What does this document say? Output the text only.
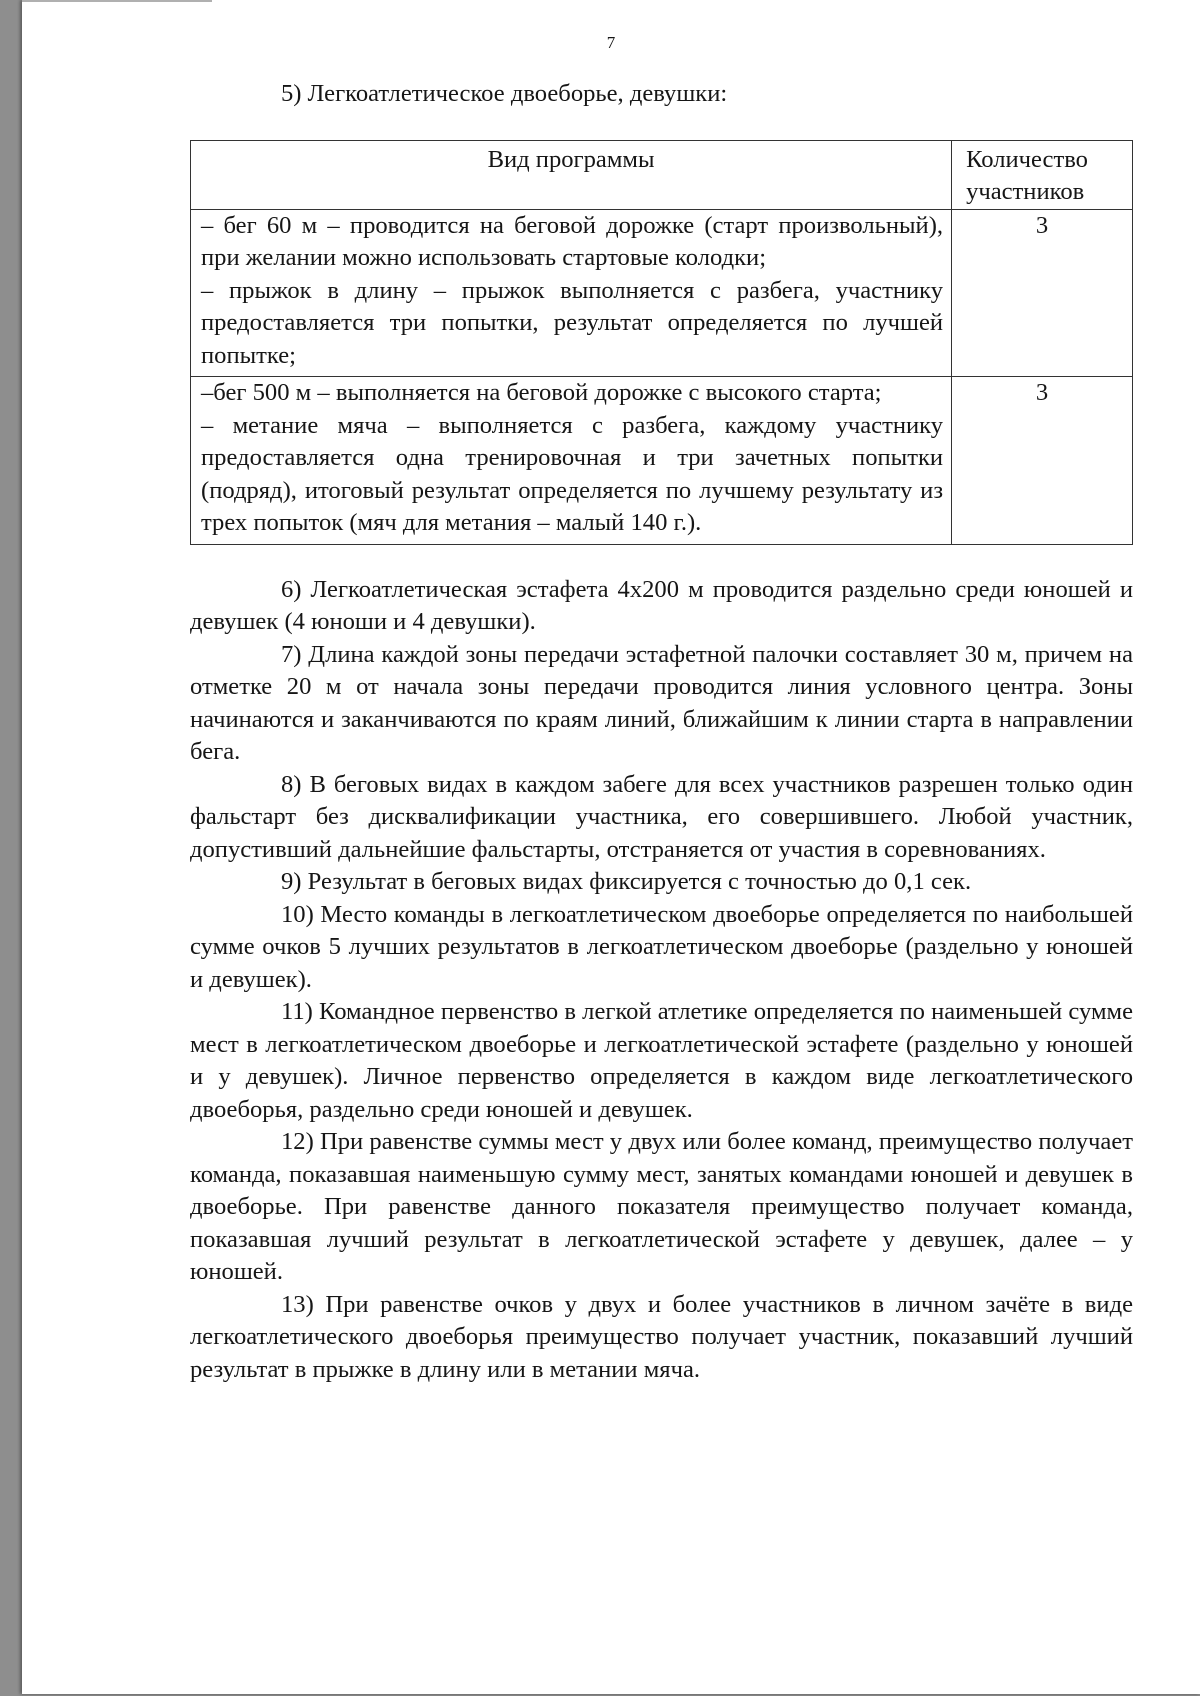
7

5) Легкоатлетическое двоеборье, девушки:

Вид программы	Количество участников

– бег 60 м – проводится на беговой дорожке (старт произвольный), при желании можно использовать стартовые колодки;

– прыжок в длину – прыжок выполняется с разбега, участнику предоставляется три попытки, результат определяется по лучшей попытке;	3

–бег 500 м – выполняется на беговой дорожке с высокого старта;

– метание мяча – выполняется с разбега, каждому участнику предоставляется одна тренировочная и три зачетных попытки (подряд), итоговый результат определяется по лучшему результату из трех попыток (мяч для метания – малый 140 г.).	3

6) Легкоатлетическая эстафета 4х200 м проводится раздельно среди юношей и девушек (4 юноши и 4 девушки).

7) Длина каждой зоны передачи эстафетной палочки составляет 30 м, причем на отметке 20 м от начала зоны передачи проводится линия условного центра. Зоны начинаются и заканчиваются по краям линий, ближайшим к линии старта в направлении бега.

8) В беговых видах в каждом забеге для всех участников разрешен только один фальстарт без дисквалификации участника, его совершившего. Любой участник, допустивший дальнейшие фальстарты, отстраняется от участия в соревнованиях.

9) Результат в беговых видах фиксируется с точностью до 0,1 сек.

10) Место команды в легкоатлетическом двоеборье определяется по наибольшей сумме очков 5 лучших результатов в легкоатлетическом двоеборье (раздельно у юношей и девушек).

11) Командное первенство в легкой атлетике определяется по наименьшей сумме мест в легкоатлетическом двоеборье и легкоатлетической эстафете (раздельно у юношей и у девушек). Личное первенство определяется в каждом виде легкоатлетического двоеборья, раздельно среди юношей и девушек.

12) При равенстве суммы мест у двух или более команд, преимущество получает команда, показавшая наименьшую сумму мест, занятых командами юношей и девушек в двоеборье. При равенстве данного показателя преимущество получает команда, показавшая лучший результат в легкоатлетической эстафете у девушек, далее – у юношей.

13) При равенстве очков у двух и более участников в личном зачёте в виде легкоатлетического двоеборья преимущество получает участник, показавший лучший результат в прыжке в длину или в метании мяча.
